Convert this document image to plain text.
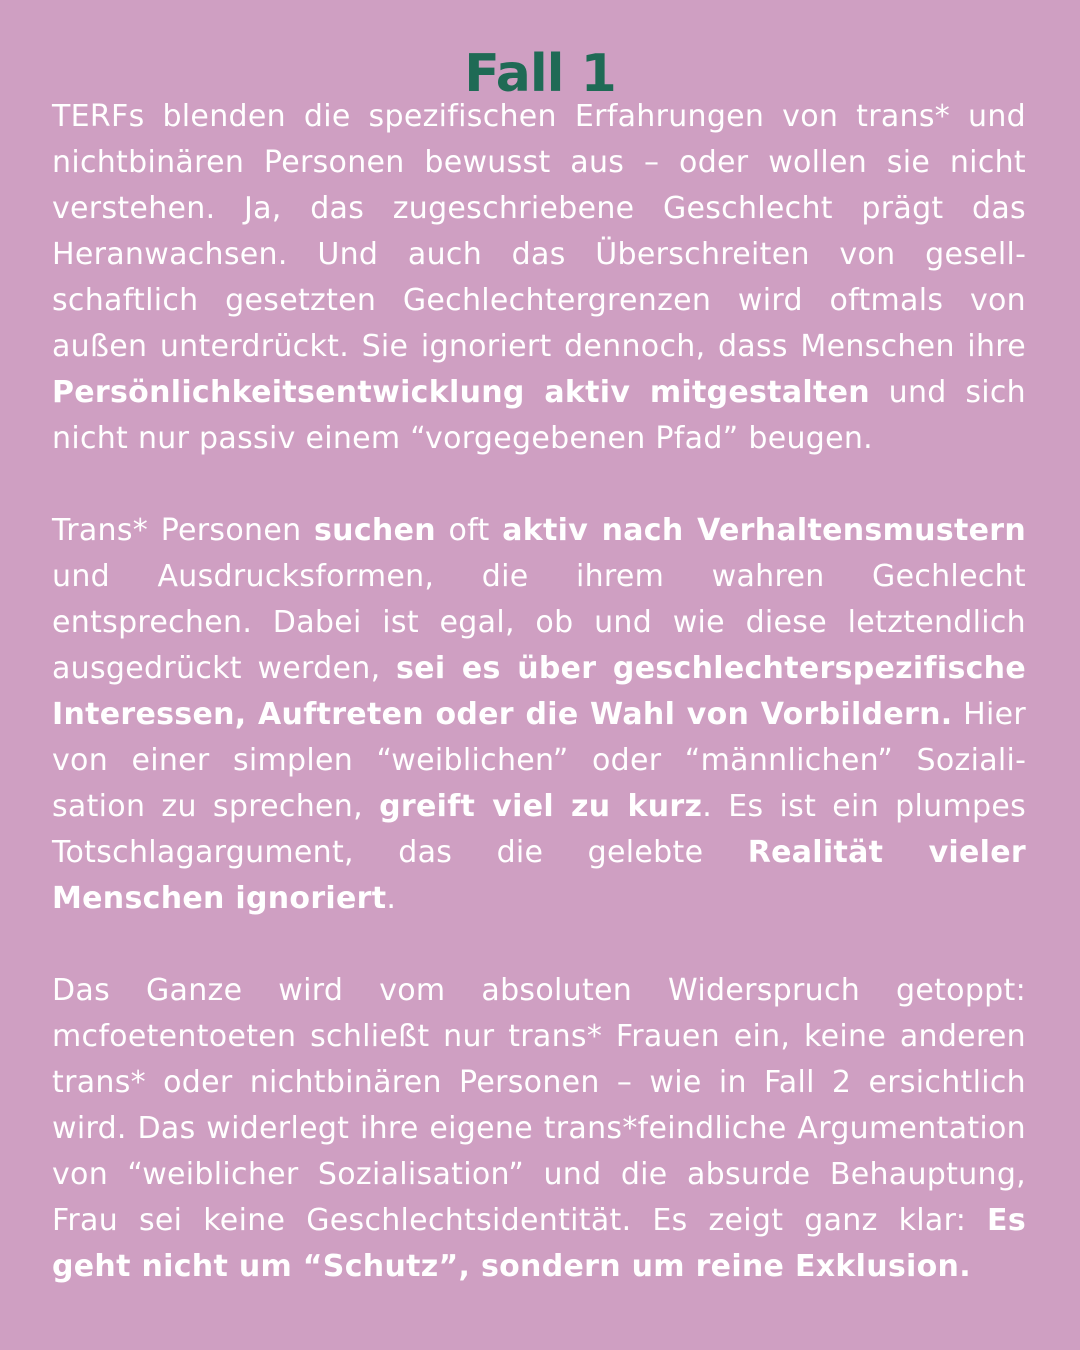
Fall 1

TERFs blenden die spezifischen Erfahrungen von trans* und nichtbinären Personen bewusst aus – oder wollen sie nicht verstehen. Ja, das zugeschriebene Geschlecht prägt das Heranwachsen. Und auch das Überschreiten von gesellschaftlich gesetzten Gechlechtergrenzen wird oftmals von außen unterdrückt. Sie ignoriert dennoch, dass Menschen ihre Persönlichkeitsentwicklung aktiv mitgestalten und sich nicht nur passiv einem “vorgegebenen Pfad” beugen.

Trans* Personen suchen oft aktiv nach Verhaltensmustern und Ausdrucksformen, die ihrem wahren Gechlecht entsprechen. Dabei ist egal, ob und wie diese letztendlich ausgedrückt werden, sei es über geschlechterspezifische Interessen, Auftreten oder die Wahl von Vorbildern. Hier von einer simplen “weiblichen” oder “männlichen” Sozialisation zu sprechen, greift viel zu kurz. Es ist ein plumpes Totschlagargument, das die gelebte Realität vieler Menschen ignoriert.

Das Ganze wird vom absoluten Widerspruch getoppt: mcfoetentoeten schließt nur trans* Frauen ein, keine anderen trans* oder nichtbinären Personen – wie in Fall 2 ersichtlich wird. Das widerlegt ihre eigene trans*feindliche Argumentation von “weiblicher Sozialisation” und die absurde Behauptung, Frau sei keine Geschlechtsidentität. Es zeigt ganz klar: Es geht nicht um “Schutz”, sondern um reine Exklusion.
